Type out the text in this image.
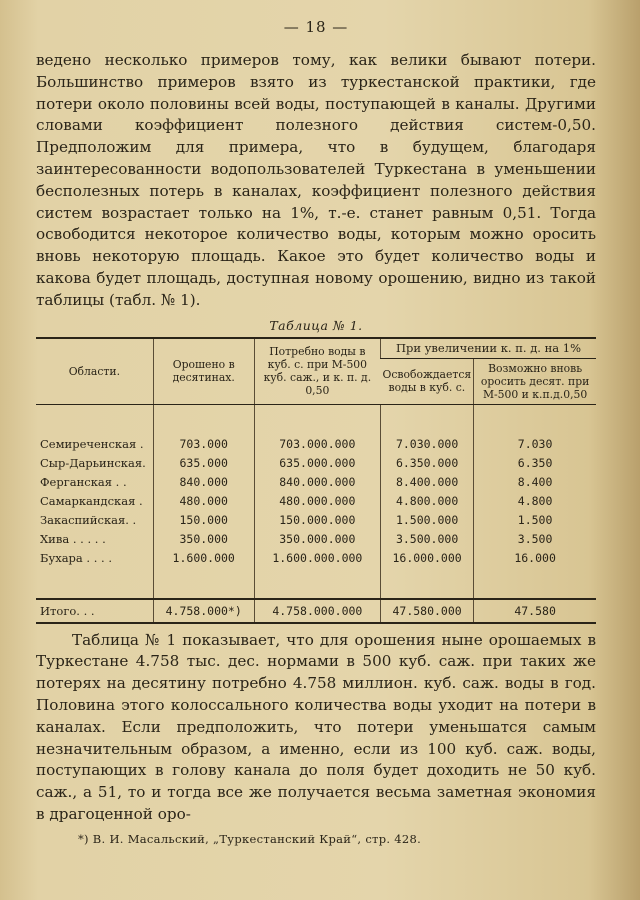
— 18 —

ведено несколько примеров тому, как велики бывают потери. Большинство примеров взято из туркестанской практики, где потери около половины всей воды, поступающей в каналы. Другими словами коэффициент полезного действия систем-0,50. Предположим для примера, что в будущем, благодаря заинтересованности водопользователей Туркестана в уменьшении бесполезных потерь в каналах, коэффициент полезного действия систем возрастает только на 1%, т.-е. станет равным 0,51. Тогда освободится некоторое количество воды, которым можно оросить вновь некоторую площадь. Какое это будет количество воды и какова будет площадь, доступная новому орошению, видно из такой таблицы (табл. № 1).

Таблица № 1.
Области.	Орошено в десятинах.	Потребно воды в куб. с. при М-500 куб. саж., и к. п. д. 0,50	При увеличении к. п. д. на 1%	
			Освобождается воды в куб. с.	Возможно вновь оросить десят. при М-500 и к.п.д.0,50

Семиреченская .	703.000	703.000.000	7.030.000	7.030
Сыр-Дарьинская.	635.000	635.000.000	6.350.000	6.350
Ферганская . .	840.000	840.000.000	8.400.000	8.400
Самаркандская .	480.000	480.000.000	4.800.000	4.800
Закаспийская. .	150.000	150.000.000	1.500.000	1.500
Хива . . . . .	350.000	350.000.000	3.500.000	3.500
Бухара . . . .	1.600.000	1.600.000.000	16.000.000	16.000

Итого. . .	4.758.000*)	4.758.000.000	47.580.000	47.580

Таблица № 1 показывает, что для орошения ныне орошаемых в Туркестане 4.758 тыс. дес. нормами в 500 куб. саж. при таких же потерях на десятину потребно 4.758 миллион. куб. саж. воды в год. Половина этого колоссального количества воды уходит на потери в каналах. Если предположить, что потери уменьшатся самым незначительным образом, а именно, если из 100 куб. саж. воды, поступающих в голову канала до поля будет доходить не 50 куб. саж., а 51, то и тогда все же получается весьма заметная экономия в драгоценной оро-

*) В. И. Масальский, „Туркестанский Край“, стр. 428.
